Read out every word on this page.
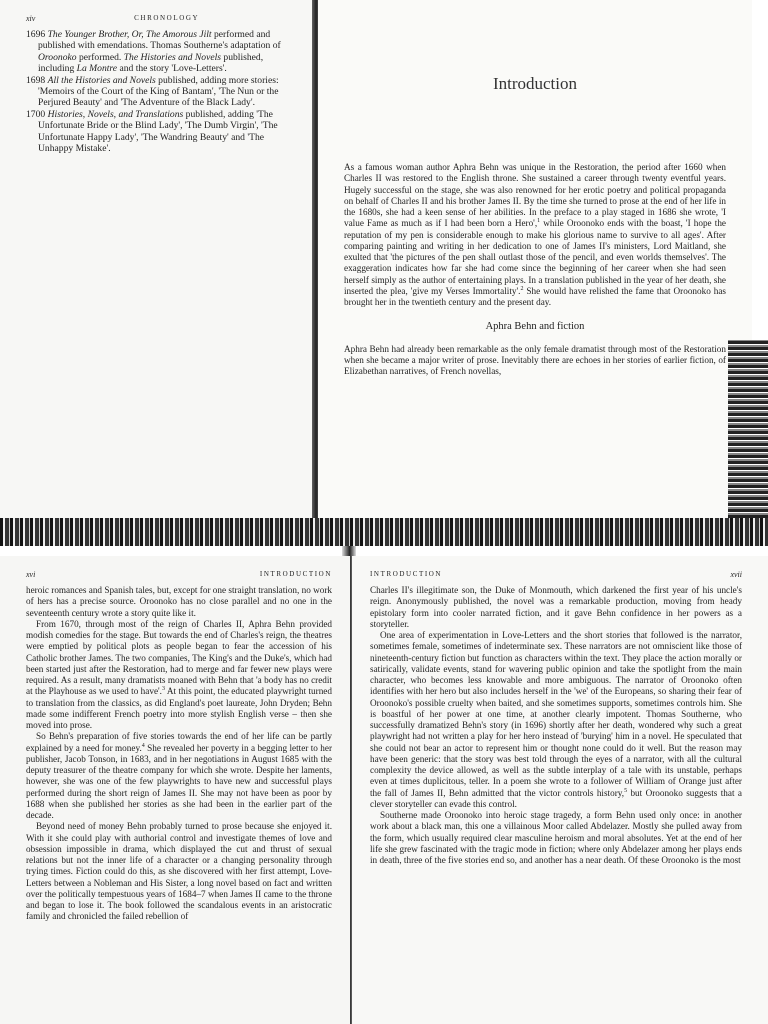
xiv	CHRONOLOGY

1696 The Younger Brother, Or, The Amorous Jilt performed and published with emendations. Thomas Southerne's adaptation of Oroonoko performed. The Histories and Novels published, including La Montre and the story 'Love-Letters'.

1698 All the Histories and Novels published, adding more stories: 'Memoirs of the Court of the King of Bantam', 'The Nun or the Perjured Beauty' and 'The Adventure of the Black Lady'.

1700 Histories, Novels, and Translations published, adding 'The Unfortunate Bride or the Blind Lady', 'The Dumb Virgin', 'The Unfortunate Happy Lady', 'The Wandring Beauty' and 'The Unhappy Mistake'.

Introduction

As a famous woman author Aphra Behn was unique in the Restoration, the period after 1660 when Charles II was restored to the English throne. She sustained a career through twenty eventful years. Hugely successful on the stage, she was also renowned for her erotic poetry and political propaganda on behalf of Charles II and his brother James II. By the time she turned to prose at the end of her life in the 1680s, she had a keen sense of her abilities. In the preface to a play staged in 1686 she wrote, 'I value Fame as much as if I had been born a Hero',$^1$ while Oroonoko ends with the boast, 'I hope the reputation of my pen is considerable enough to make his glorious name to survive to all ages'. After comparing painting and writing in her dedication to one of James II's ministers, Lord Maitland, she exulted that 'the pictures of the pen shall outlast those of the pencil, and even worlds themselves'. The exaggeration indicates how far she had come since the beginning of her career when she had seen herself simply as the author of entertaining plays. In a translation published in the year of her death, she inserted the plea, 'give my Verses Immortality'.$^2$ She would have relished the fame that Oroonoko has brought her in the twentieth century and the present day.

Aphra Behn and fiction

Aphra Behn had already been remarkable as the only female dramatist through most of the Restoration when she became a major writer of prose. Inevitably there are echoes in her stories of earlier fiction, of Elizabethan narratives, of French novellas,

xvi	INTRODUCTION

heroic romances and Spanish tales, but, except for one straight translation, no work of hers has a precise source. Oroonoko has no close parallel and no one in the seventeenth century wrote a story quite like it.

From 1670, through most of the reign of Charles II, Aphra Behn provided modish comedies for the stage. But towards the end of Charles's reign, the theatres were emptied by political plots as people began to fear the accession of his Catholic brother James. The two companies, The King's and the Duke's, which had been started just after the Restoration, had to merge and far fewer new plays were required. As a result, many dramatists moaned with Behn that 'a body has no credit at the Playhouse as we used to have'.$^3$ At this point, the educated playwright turned to translation from the classics, as did England's poet laureate, John Dryden; Behn made some indifferent French poetry into more stylish English verse – then she moved into prose.

So Behn's preparation of five stories towards the end of her life can be partly explained by a need for money.$^4$ She revealed her poverty in a begging letter to her publisher, Jacob Tonson, in 1683, and in her negotiations in August 1685 with the deputy treasurer of the theatre company for which she wrote. Despite her laments, however, she was one of the few playwrights to have new and successful plays performed during the short reign of James II. She may not have been as poor by 1688 when she published her stories as she had been in the earlier part of the decade.

Beyond need of money Behn probably turned to prose because she enjoyed it. With it she could play with authorial control and investigate themes of love and obsession impossible in drama, which displayed the cut and thrust of sexual relations but not the inner life of a character or a changing personality through trying times. Fiction could do this, as she discovered with her first attempt, Love-Letters between a Nobleman and His Sister, a long novel based on fact and written over the politically tempestuous years of 1684–7 when James II came to the throne and began to lose it. The book followed the scandalous events in an aristocratic family and chronicled the failed rebellion of

INTRODUCTION	xvii

Charles II's illegitimate son, the Duke of Monmouth, which darkened the first year of his uncle's reign. Anonymously published, the novel was a remarkable production, moving from heady epistolary form into cooler narrated fiction, and it gave Behn confidence in her powers as a storyteller.

One area of experimentation in Love-Letters and the short stories that followed is the narrator, sometimes female, sometimes of indeterminate sex. These narrators are not omniscient like those of nineteenth-century fiction but function as characters within the text. They place the action morally or satirically, validate events, stand for wavering public opinion and take the spotlight from the main character, who becomes less knowable and more ambiguous. The narrator of Oroonoko often identifies with her hero but also includes herself in the 'we' of the Europeans, so sharing their fear of Oroonoko's possible cruelty when baited, and she sometimes supports, sometimes controls him. She is boastful of her power at one time, at another clearly impotent. Thomas Southerne, who successfully dramatized Behn's story (in 1696) shortly after her death, wondered why such a great playwright had not written a play for her hero instead of 'burying' him in a novel. He speculated that she could not bear an actor to represent him or thought none could do it well. But the reason may have been generic: that the story was best told through the eyes of a narrator, with all the cultural complexity the device allowed, as well as the subtle interplay of a tale with its unstable, perhaps even at times duplicitous, teller. In a poem she wrote to a follower of William of Orange just after the fall of James II, Behn admitted that the victor controls history,$^5$ but Oroonoko suggests that a clever storyteller can evade this control.

Southerne made Oroonoko into heroic stage tragedy, a form Behn used only once: in another work about a black man, this one a villainous Moor called Abdelazer. Mostly she pulled away from the form, which usually required clear masculine heroism and moral absolutes. Yet at the end of her life she grew fascinated with the tragic mode in fiction; where only Abdelazer among her plays ends in death, three of the five stories end so, and another has a near death. Of these Oroonoko is the most
